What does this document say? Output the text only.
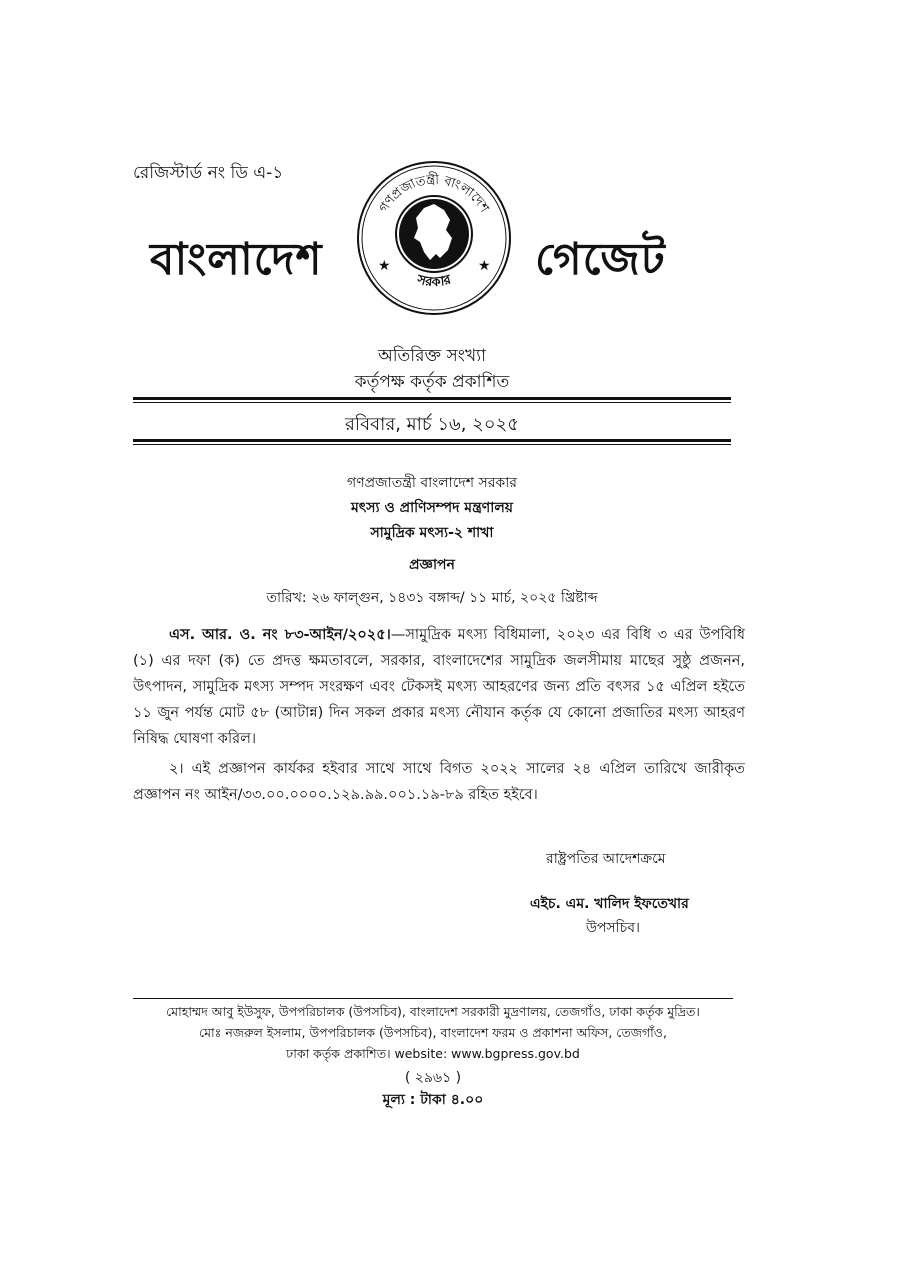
রেজিস্টার্ড নং ডি এ-১
বাংলাদেশ
গণপ্রজাতন্ত্রী বাংলাদেশ
সরকার
★	★ গেজেট
অতিরিক্ত সংখ্যা
কর্তৃপক্ষ কর্তৃক প্রকাশিত
রবিবার, মার্চ ১৬, ২০২৫
গণপ্রজাতন্ত্রী বাংলাদেশ সরকার
মৎস্য ও প্রাণিসম্পদ মন্ত্রণালয়
সামুদ্রিক মৎস্য-২ শাখা
প্রজ্ঞাপন
তারিখ: ২৬ ফাল্গুন, ১৪৩১ বঙ্গাব্দ/ ১১ মার্চ, ২০২৫ খ্রিষ্টাব্দ
এস. আর. ও. নং ৮৩-আইন/২০২৫।—সামুদ্রিক মৎস্য বিধিমালা, ২০২৩ এর বিধি ৩ এর উপবিধি (১) এর দফা (ক) তে প্রদত্ত ক্ষমতাবলে, সরকার, বাংলাদেশের সামুদ্রিক জলসীমায় মাছের সুষ্ঠু প্রজনন, উৎপাদন, সামুদ্রিক মৎস্য সম্পদ সংরক্ষণ এবং টেকসই মৎস্য আহরণের জন্য প্রতি বৎসর ১৫ এপ্রিল হইতে ১১ জুন পর্যন্ত মোট ৫৮ (আটান্ন) দিন সকল প্রকার মৎস্য নৌযান কর্তৃক যে কোনো প্রজাতির মৎস্য আহরণ নিষিদ্ধ ঘোষণা করিল।
২। এই প্রজ্ঞাপন কার্যকর হইবার সাথে সাথে বিগত ২০২২ সালের ২৪ এপ্রিল তারিখে জারীকৃত প্রজ্ঞাপন নং আইন/৩৩.০০.০০০০.১২৯.৯৯.০০১.১৯-৮৯ রহিত হইবে।
রাষ্ট্রপতির আদেশক্রমে
এইচ. এম. খালিদ ইফতেখার
উপসচিব।
মোহাম্মদ আবু ইউসুফ, উপপরিচালক (উপসচিব), বাংলাদেশ সরকারী মুদ্রণালয়, তেজগাঁও, ঢাকা কর্তৃক মুদ্রিত।
মোঃ নজরুল ইসলাম, উপপরিচালক (উপসচিব), বাংলাদেশ ফরম ও প্রকাশনা অফিস, তেজগাঁও,
ঢাকা কর্তৃক প্রকাশিত। website: www.bgpress.gov.bd
( ২৯৬১ )
মূল্য : টাকা ৪.০০
